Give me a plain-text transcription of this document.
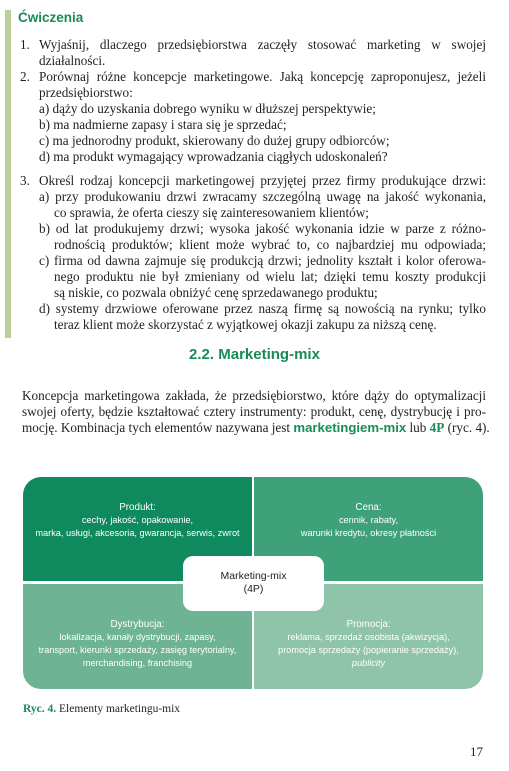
Ćwiczenia
1. Wyjaśnij, dlaczego przedsiębiorstwa zaczęły stosować marketing w swojej
działalności.
2. Porównaj różne koncepcje marketingowe. Jaką koncepcję zaproponujesz, jeżeli
przedsiębiorstwo:
a) dąży do uzyskania dobrego wyniku w dłuższej perspektywie;
b) ma nadmierne zapasy i stara się je sprzedać;
c) ma jednorodny produkt, skierowany do dużej grupy odbiorców;
d) ma produkt wymagający wprowadzania ciągłych udoskonaleń?
3. Określ rodzaj koncepcji marketingowej przyjętej przez firmy produkujące drzwi:
a) przy produkowaniu drzwi zwracamy szczególną uwagę na jakość wykonania,
co sprawia, że oferta cieszy się zainteresowaniem klientów;
b) od lat produkujemy drzwi; wysoka jakość wykonania idzie w parze z różno-
rodnością produktów; klient może wybrać to, co najbardziej mu odpowiada;
c) firma od dawna zajmuje się produkcją drzwi; jednolity kształt i kolor oferowa-
nego produktu nie był zmieniany od wielu lat; dzięki temu koszty produkcji
są niskie, co pozwala obniżyć cenę sprzedawanego produktu;
d) systemy drzwiowe oferowane przez naszą firmę są nowością na rynku; tylko
teraz klient może skorzystać z wyjątkowej okazji zakupu za niższą cenę.
2.2. Marketing-mix
Koncepcja marketingowa zakłada, że przedsiębiorstwo, które dąży do optymalizacji
swojej oferty, będzie kształtować cztery instrumenty: produkt, cenę, dystrybucję i pro-
mocję. Kombinacja tych elementów nazywana jest marketingiem-mix lub 4P (ryc. 4).
Produkt:
cechy, jakość, opakowanie,
marka, usługi, akcesoria, gwarancja, serwis, zwrot
Cena:
cennik, rabaty,
warunki kredytu, okresy płatności
Dystrybucja:
lokalizacja, kanały dystrybucji, zapasy,
transport, kierunki sprzedaży, zasięg terytorialny,
merchandising, franchising
Promocja:
reklama, sprzedaż osobista (akwizycja),
promocja sprzedaży (popieranie sprzedaży),
publicity
Marketing-mix
(4P)
Ryc. 4. Elementy marketingu-mix
17
